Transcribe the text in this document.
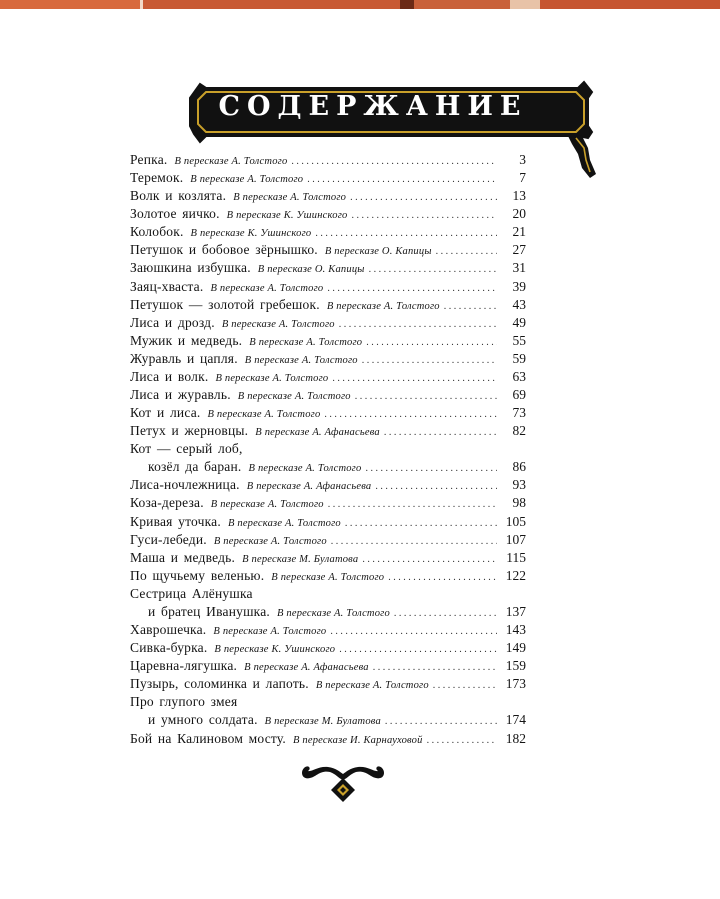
СОДЕРЖАНИЕ
Репка. В пересказе А. Толстого . . .	3
Теремок. В пересказе А. Толстого . . .	7
Волк и козлята. В пересказе А. Толстого . . .	13
Золотое яичко. В пересказе К. Ушинского . . .	20
Колобок. В пересказе К. Ушинского . . .	21
Петушок и бобовое зёрнышко. В пересказе О. Капицы . . .	27
Заюшкина избушка. В пересказе О. Капицы . . .	31
Заяц-хваста. В пересказе А. Толстого . . .	39
Петушок — золотой гребешок. В пересказе А. Толстого . . .	43
Лиса и дрозд. В пересказе А. Толстого . . .	49
Мужик и медведь. В пересказе А. Толстого . . .	55
Журавль и цапля. В пересказе А. Толстого . . .	59
Лиса и волк. В пересказе А. Толстого . . .	63
Лиса и журавль. В пересказе А. Толстого . . .	69
Кот и лиса. В пересказе А. Толстого . . .	73
Петух и жерновцы. В пересказе А. Афанасьева . . .	82
Кот — серый лоб,
козёл да баран. В пересказе А. Толстого . . .	86
Лиса-ночлежница. В пересказе А. Афанасьева . . .	93
Коза-дереза. В пересказе А. Толстого . . .	98
Кривая уточка. В пересказе А. Толстого . . .	105
Гуси-лебеди. В пересказе А. Толстого . . .	107
Маша и медведь. В пересказе М. Булатова . . .	115
По щучьему веленью. В пересказе А. Толстого . . .	122
Сестрица Алёнушка
и братец Иванушка. В пересказе А. Толстого . . .	137
Хаврошечка. В пересказе А. Толстого . . .	143
Сивка-бурка. В пересказе К. Ушинского . . .	149
Царевна-лягушка. В пересказе А. Афанасьева . . .	159
Пузырь, соломинка и лапоть. В пересказе А. Толстого . . .	173
Про глупого змея
и умного солдата. В пересказе М. Булатова . . .	174
Бой на Калиновом мосту. В пересказе И. Карнауховой . . .	182
